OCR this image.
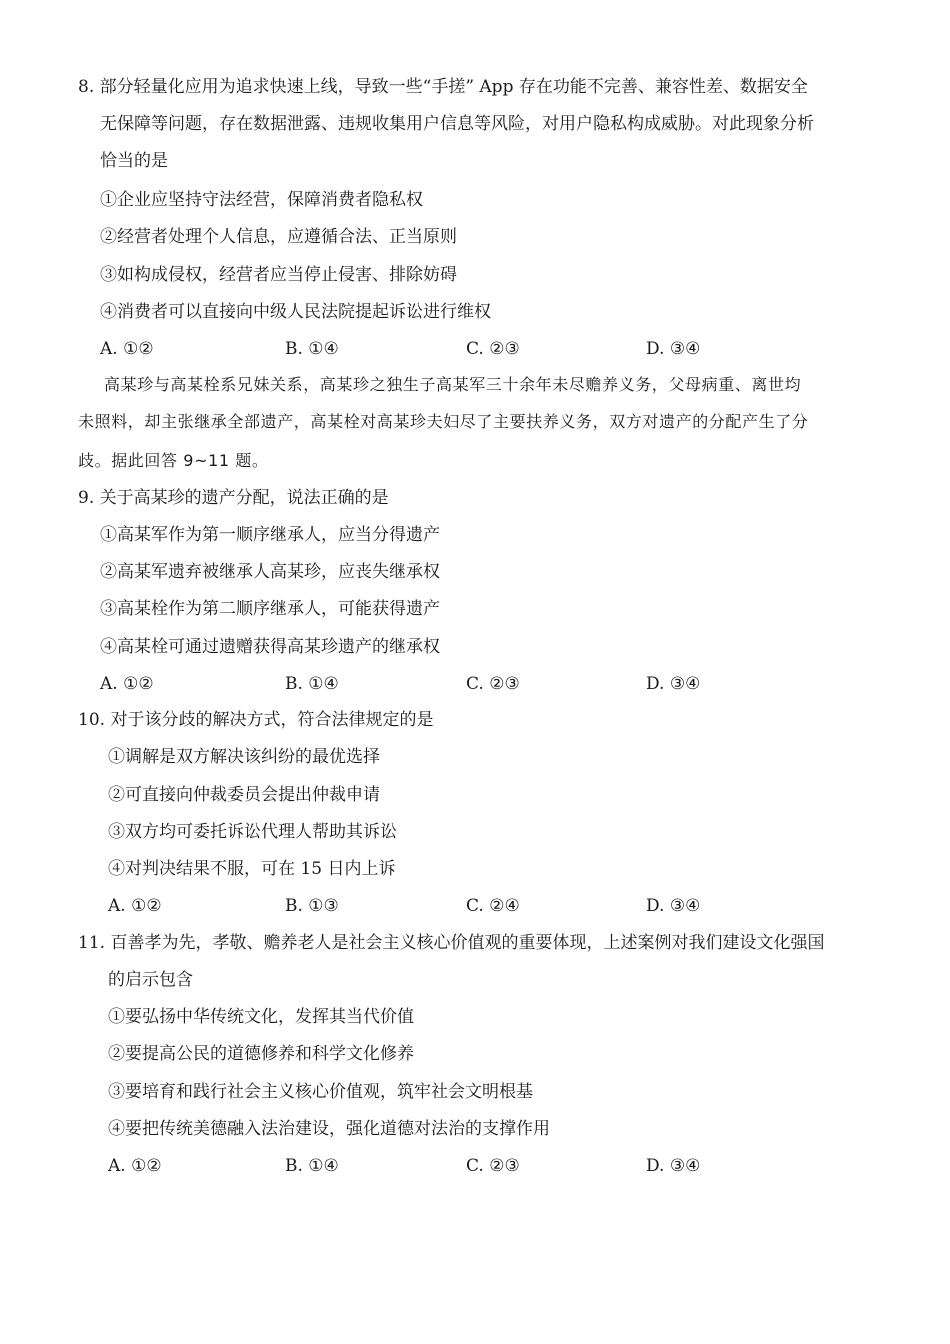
8. 部分轻量化应用为追求快速上线，导致一些“手搓” App 存在功能不完善、兼容性差、数据安全
无保障等问题，存在数据泄露、违规收集用户信息等风险，对用户隐私构成威胁。对此现象分析
恰当的是
①企业应坚持守法经营，保障消费者隐私权
②经营者处理个人信息，应遵循合法、正当原则
③如构成侵权，经营者应当停止侵害、排除妨碍
④消费者可以直接向中级人民法院提起诉讼进行维权
A. ①②	B. ①④	C. ②③	D. ③④
高某珍与高某栓系兄妹关系，高某珍之独生子高某军三十余年未尽赡养义务，父母病重、离世均
未照料，却主张继承全部遗产，高某栓对高某珍夫妇尽了主要扶养义务，双方对遗产的分配产生了分
歧。据此回答 9~11 题。
9. 关于高某珍的遗产分配，说法正确的是
①高某军作为第一顺序继承人，应当分得遗产
②高某军遗弃被继承人高某珍，应丧失继承权
③高某栓作为第二顺序继承人，可能获得遗产
④高某栓可通过遗赠获得高某珍遗产的继承权
A. ①②	B. ①④	C. ②③	D. ③④
10. 对于该分歧的解决方式，符合法律规定的是
①调解是双方解决该纠纷的最优选择
②可直接向仲裁委员会提出仲裁申请
③双方均可委托诉讼代理人帮助其诉讼
④对判决结果不服，可在 15 日内上诉
A. ①②	B. ①③	C. ②④	D. ③④
11. 百善孝为先，孝敬、赡养老人是社会主义核心价值观的重要体现，上述案例对我们建设文化强国
的启示包含
①要弘扬中华传统文化，发挥其当代价值
②要提高公民的道德修养和科学文化修养
③要培育和践行社会主义核心价值观，筑牢社会文明根基
④要把传统美德融入法治建设，强化道德对法治的支撑作用
A. ①②	B. ①④	C. ②③	D. ③④
